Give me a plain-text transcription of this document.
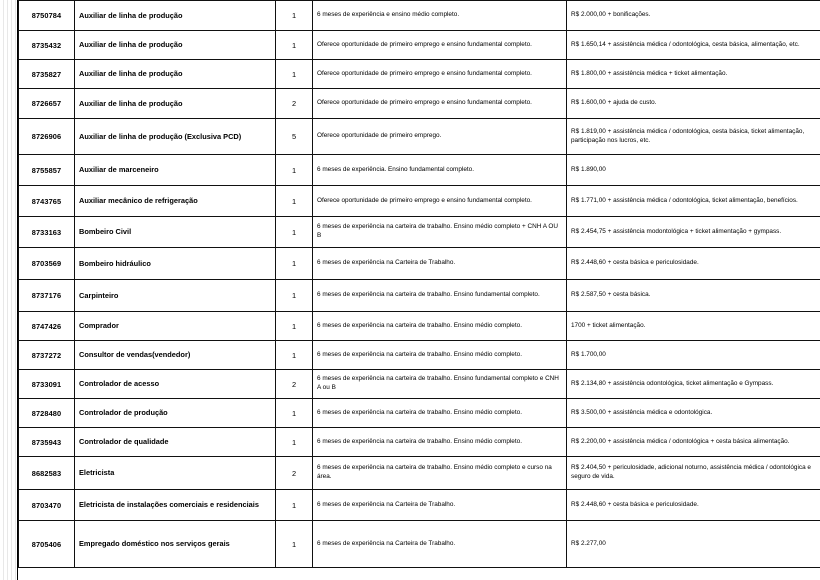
8750784	Auxiliar de linha de produção	1	6 meses de experiência e ensino médio completo.	R$ 2.000,00 + bonificações.
8735432	Auxiliar de linha de produção	1	Oferece oportunidade de primeiro emprego e ensino fundamental completo.	R$ 1.650,14 + assistência médica / odontológica, cesta básica, alimentação, etc.
8735827	Auxiliar de linha de produção	1	Oferece oportunidade de primeiro emprego e ensino fundamental completo.	R$ 1.800,00 + assistência médica + ticket alimentação.
8726657	Auxiliar de linha de produção	2	Oferece oportunidade de primeiro emprego e ensino fundamental completo.	R$ 1.600,00 + ajuda de custo.
8726906	Auxiliar de linha de produção (Exclusiva PCD)	5	Oferece oportunidade de primeiro emprego.	R$ 1.819,00 + assistência médica / odontológica, cesta básica, ticket alimentação, participação nos lucros, etc.
8755857	Auxiliar de marceneiro	1	6 meses de experiência. Ensino fundamental completo.	R$ 1.890,00
8743765	Auxiliar mecânico de refrigeração	1	Oferece oportunidade de primeiro emprego e ensino fundamental completo.	R$ 1.771,00 + assistência médica / odontológica, ticket alimentação, benefícios.
8733163	Bombeiro Civil	1	6 meses de experiência na carteira de trabalho. Ensino médio completo + CNH A OU B	R$ 2.454,75 + assistência modontológica + ticket alimentação + gympass.
8703569	Bombeiro hidráulico	1	6 meses de experiência na Carteira de Trabalho.	R$ 2.448,60 + cesta básica e periculosidade.
8737176	Carpinteiro	1	6 meses de experiência na carteira de trabalho. Ensino fundamental completo.	R$ 2.587,50 + cesta básica.
8747426	Comprador	1	6 meses de experiência na carteira de trabalho. Ensino médio completo.	1700 + ticket alimentação.
8737272	Consultor de vendas(vendedor)	1	6 meses de experiência na carteira de trabalho. Ensino médio completo.	R$ 1.700,00
8733091	Controlador de acesso	2	6 meses de experiência na carteira de trabalho. Ensino fundamental completo e CNH A ou B	R$ 2.134,80 + assistência odontológica, ticket alimentação e Gympass.
8728480	Controlador de produção	1	6 meses de experiência na carteira de trabalho. Ensino médio completo.	R$ 3.500,00 + assistência médica e odontológica.
8735943	Controlador de qualidade	1	6 meses de experiência na carteira de trabalho. Ensino médio completo.	R$ 2.200,00 + assistência médica / odontológica + cesta básica alimentação.
8682583	Eletricista	2	6 meses de experiência na carteira de trabalho. Ensino médio completo e curso na área.	R$ 2.404,50 + periculosidade, adicional noturno, assistência médica / odontológica e seguro de vida.
8703470	Eletricista de instalações comerciais e residenciais	1	6 meses de experiência na Carteira de Trabalho.	R$ 2.448,60 + cesta básica e periculosidade.
8705406	Empregado doméstico nos serviços gerais	1	6 meses de experiência na Carteira de Trabalho.	R$ 2.277,00
